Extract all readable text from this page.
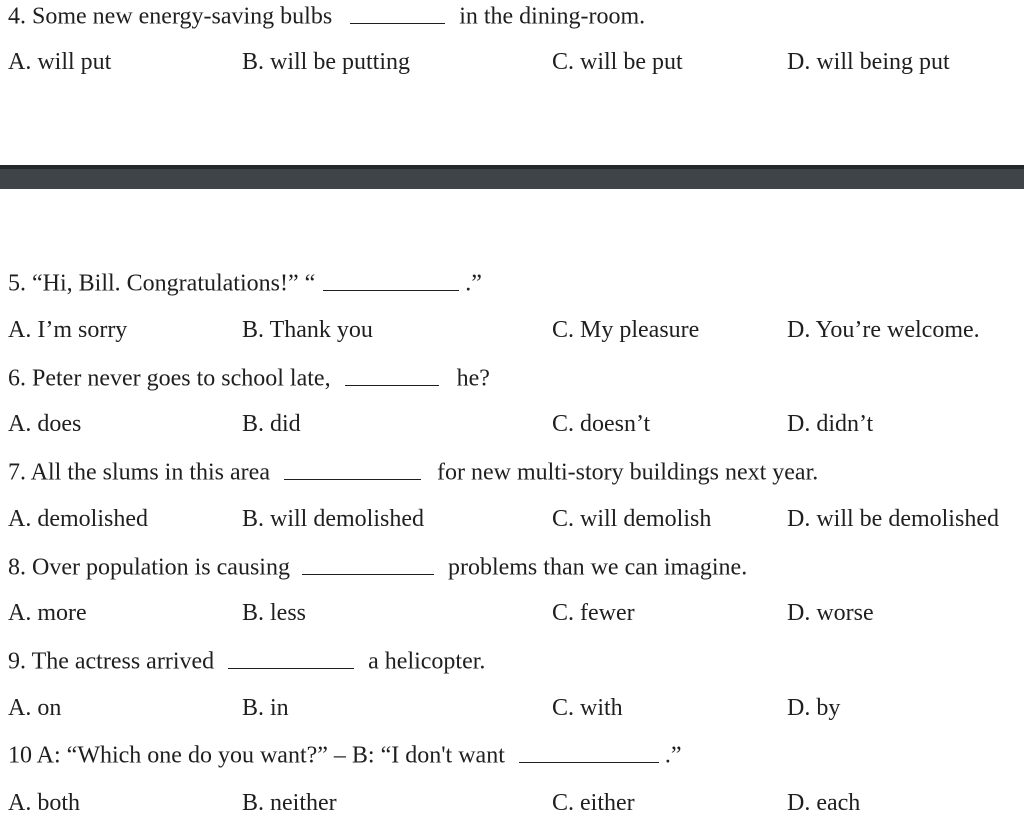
4. Some new energy-saving bulbs	in the dining-room.
A. will put	B. will be putting	C. will be put	D. will being put
5. “Hi, Bill. Congratulations!” “	.”
A. I’m sorry	B. Thank you	C. My pleasure	D. You’re welcome.
6. Peter never goes to school late,	he?
A. does	B. did	C. doesn’t	D. didn’t
7. All the slums in this area	for new multi-story buildings next year.
A. demolished	B. will demolished	C. will demolish	D. will be demolished
8. Over population is causing	problems than we can imagine.
A. more	B. less	C. fewer	D. worse
9. The actress arrived	a helicopter.
A. on	B. in	C. with	D. by
10 A: “Which one do you want?” – B: “I don't want	.”
A. both	B. neither	C. either	D. each
